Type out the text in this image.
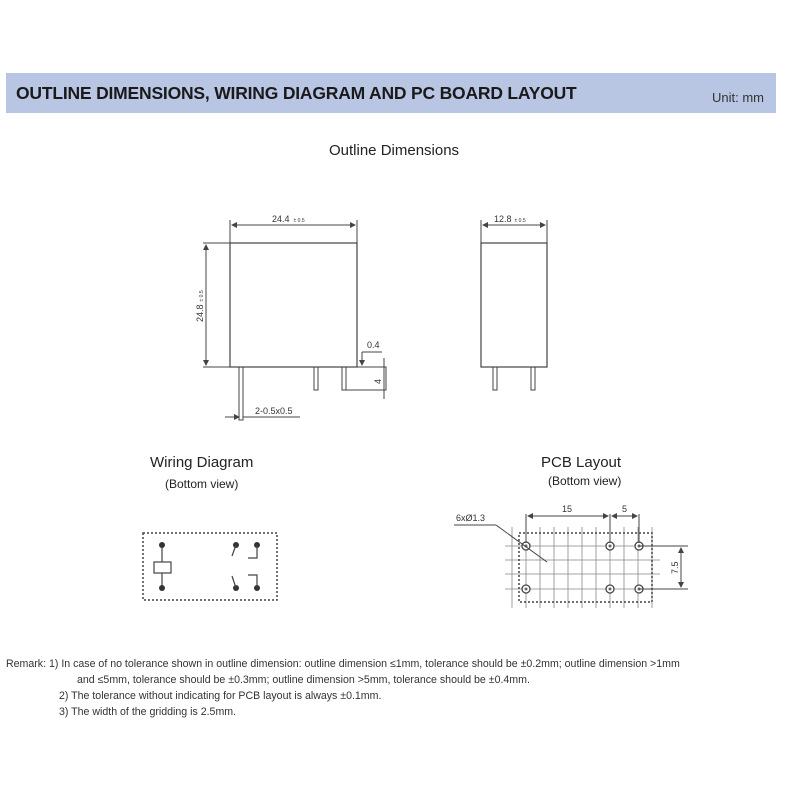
OUTLINE DIMENSIONS, WIRING DIAGRAM AND PC BOARD LAYOUT	Unit: mm
Outline Dimensions
Wiring Diagram
(Bottom view)
PCB Layout
(Bottom view)
24.4 ± 0.5
24.8± 0.5
0.4
4
2-0.5x0.5
12.8 ± 0.5
6xØ1.3
15	5
7.5
Remark: 1) In case of no tolerance shown in outline dimension: outline dimension ≤1mm, tolerance should be ±0.2mm; outline dimension >1mm
and ≤5mm, tolerance should be ±0.3mm; outline dimension >5mm, tolerance should be ±0.4mm.
2) The tolerance without indicating for PCB layout is always ±0.1mm.
3) The width of the gridding is 2.5mm.
